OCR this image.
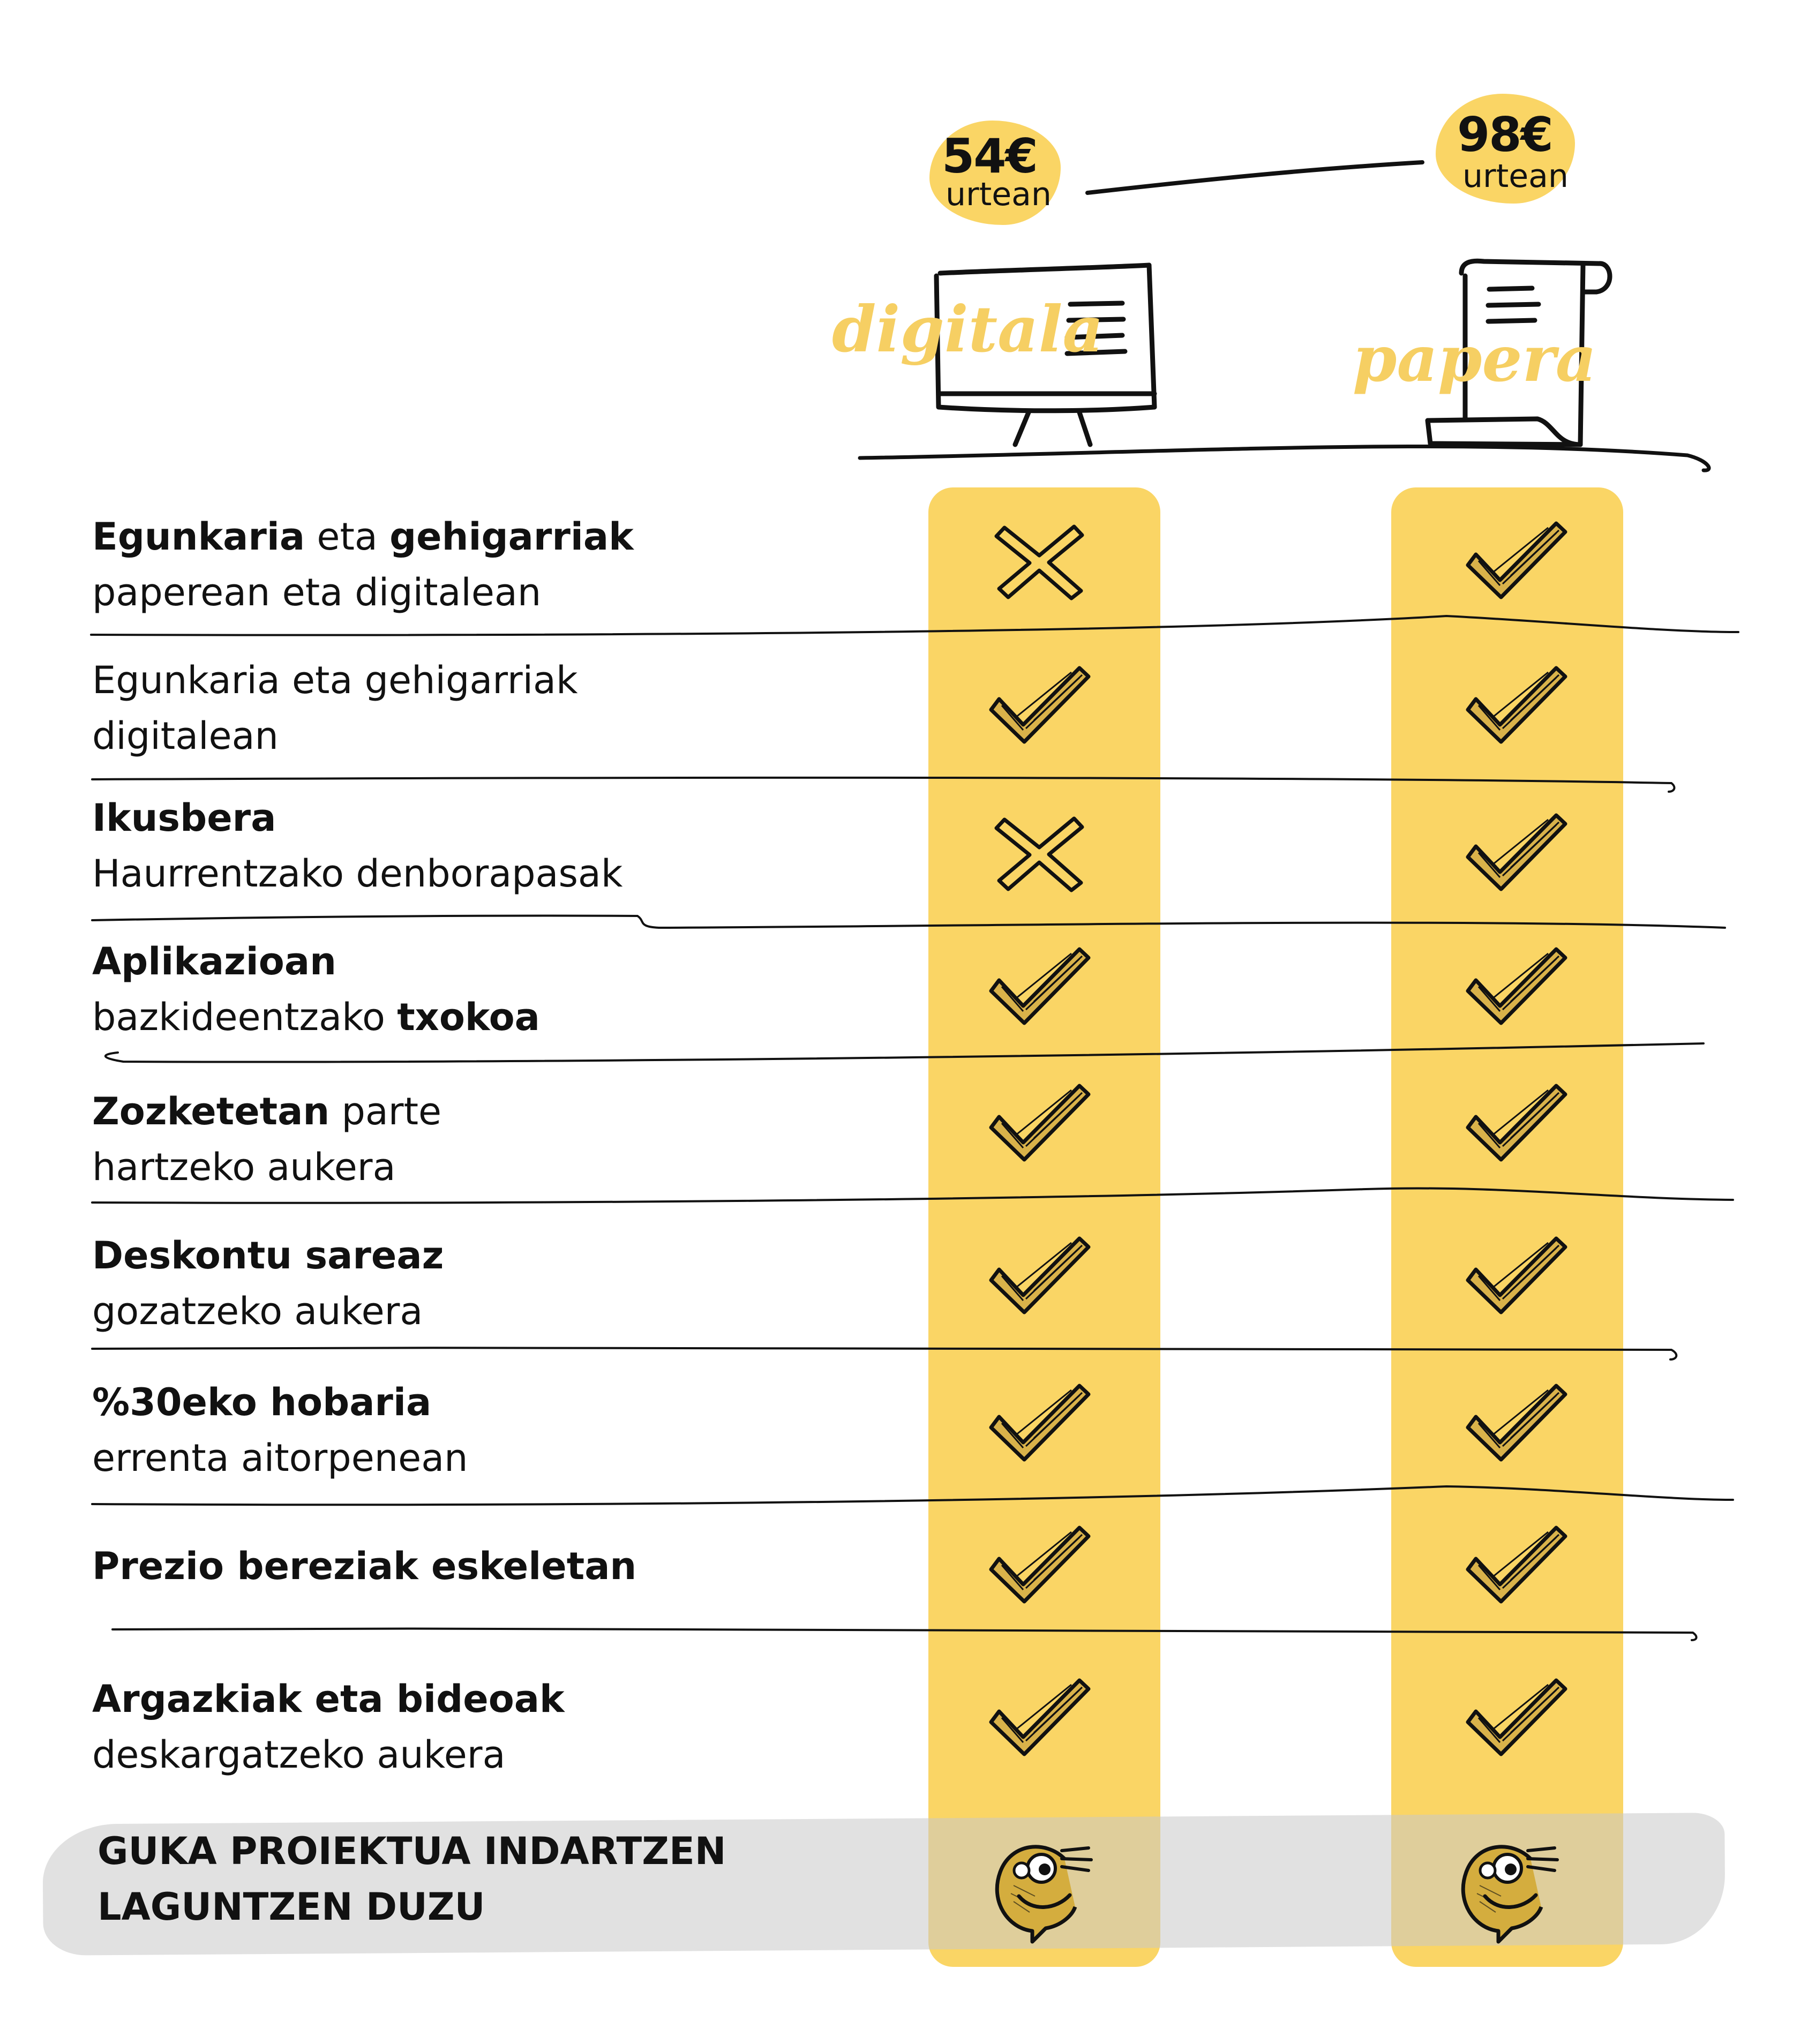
54€
urtean
98€
urtean
digitala	papera
Egunkaria eta gehigarriak
paperean eta digitalean
Egunkaria eta gehigarriak
digitalean
Ikusbera
Haurrentzako denborapasak
Aplikazioan
bazkideentzako txokoa
Zozketetan parte
hartzeko aukera
Deskontu sareaz
gozatzeko aukera
%30eko hobaria
errenta aitorpenean
Prezio bereziak eskeletan
Argazkiak eta bideoak
deskargatzeko aukera
GUKA PROIEKTUA INDARTZEN
LAGUNTZEN DUZU
